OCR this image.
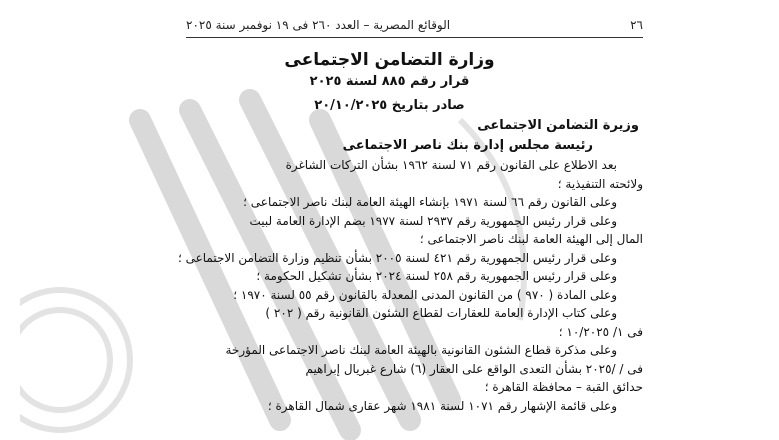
٢٦
الوقائع المصرية – العدد ٢٦٠ فى ١٩ نوفمبر سنة ٢٠٢٥

وزارة التضامن الاجتماعى

قرار رقم ٨٨٥ لسنة ٢٠٢٥

صادر بتاريخ ٢٠/١٠/٢٠٢٥

وزيرة التضامن الاجتماعى
رئيسة مجلس إدارة بنك ناصر الاجتماعى
بعد الاطلاع على القانون رقم ٧١ لسنة ١٩٦٢ بشأن التركات الشاغرة
ولائحته التنفيذية ؛
وعلى القانون رقم ٦٦ لسنة ١٩٧١ بإنشاء الهيئة العامة لبنك ناصر الاجتماعى ؛
وعلى قرار رئيس الجمهورية رقم ٢٩٣٧ لسنة ١٩٧٧ بضم الإدارة العامة لبيت
المال إلى الهيئة العامة لبنك ناصر الاجتماعى ؛
وعلى قرار رئيس الجمهورية رقم ٤٢١ لسنة ٢٠٠٥ بشأن تنظيم وزارة التضامن الاجتماعى ؛
وعلى قرار رئيس الجمهورية رقم ٢٥٨ لسنة ٢٠٢٤ بشأن تشكيل الحكومة ؛
وعلى المادة ( ٩٧٠ ) من القانون المدنى المعدلة بالقانون رقم ٥٥ لسنة ١٩٧٠ ؛
وعلى كتاب الإدارة العامة للعقارات لقطاع الشئون القانونية رقم ( ٢٠٢ )
فى ١/ ١٠/٢٠٢٥ ؛
وعلى مذكرة قطاع الشئون القانونية بالهيئة العامة لبنك ناصر الاجتماعى المؤرخة
فى / /٢٠٢٥ بشأن التعدى الواقع على العقار (٦) شارع غبريال إبراهيم
حدائق القبة – محافظة القاهرة ؛
وعلى قائمة الإشهار رقم ١٠٧١ لسنة ١٩٨١ شهر عقارى شمال القاهرة ؛
